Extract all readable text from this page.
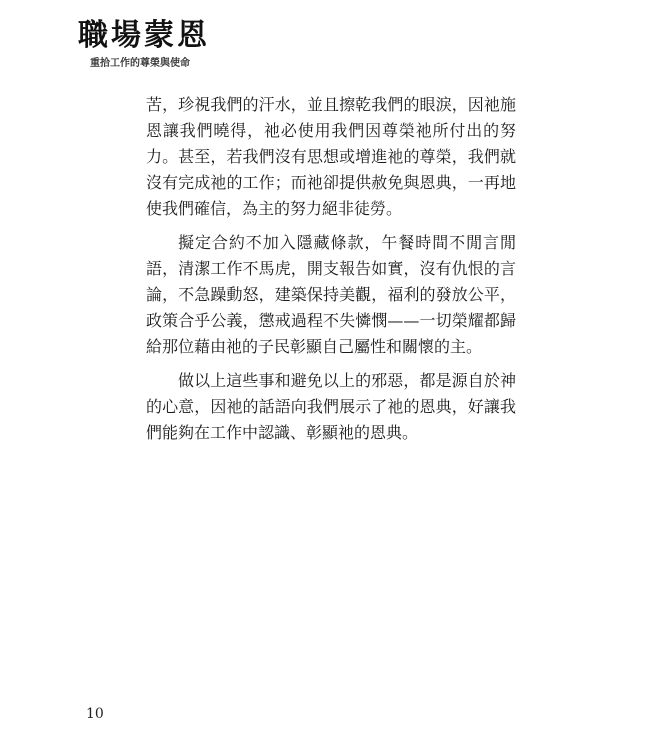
職場蒙恩
重拾工作的尊榮與使命

苦，珍視我們的汗水，並且擦乾我們的眼淚，因祂施恩讓我們曉得，祂必使用我們因尊榮祂所付出的努力。甚至，若我們沒有思想或增進祂的尊榮，我們就沒有完成祂的工作；而祂卻提供赦免與恩典，一再地使我們確信，為主的努力絕非徒勞。

擬定合約不加入隱藏條款，午餐時間不閒言閒語，清潔工作不馬虎，開支報告如實，沒有仇恨的言論，不急躁動怒，建築保持美觀，福利的發放公平，政策合乎公義，懲戒過程不失憐憫——一切榮耀都歸給那位藉由祂的子民彰顯自己屬性和關懷的主。

做以上這些事和避免以上的邪惡，都是源自於神的心意，因祂的話語向我們展示了祂的恩典，好讓我們能夠在工作中認識、彰顯祂的恩典。

10
